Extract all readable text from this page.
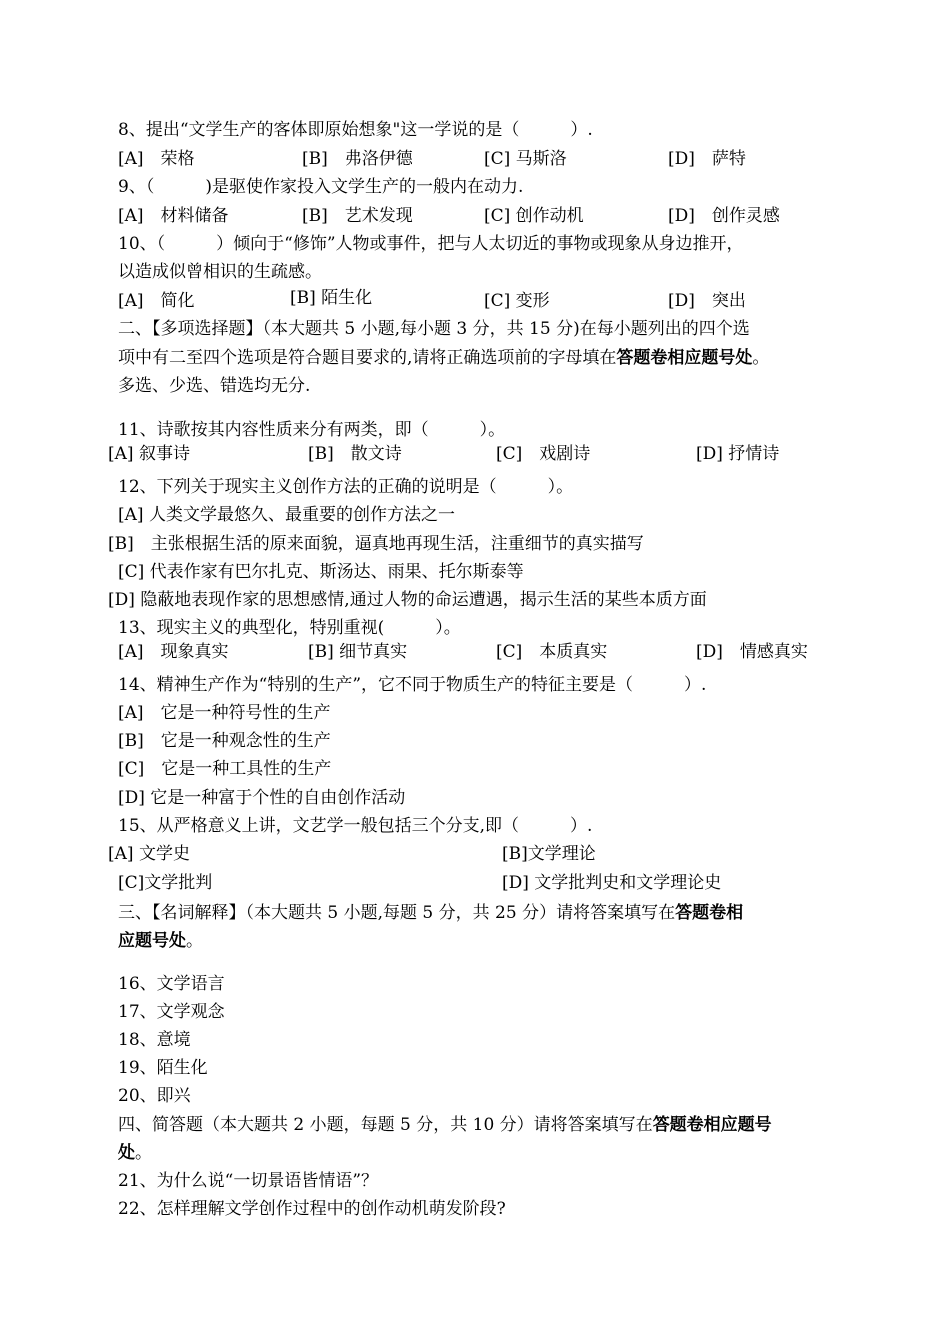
8、提出“文学生产的客体即原始想象"这一学说的是（　　　）.
[A]　荣格	[B]　弗洛伊德	[C] 马斯洛	[D]　萨特
9、（　　　)是驱使作家投入文学生产的一般内在动力.
[A]　材料储备	[B]　艺术发现	[C] 创作动机	[D]　创作灵感
10、（　　　）倾向于“修饰”人物或事件，把与人太切近的事物或现象从身边推开，
以造成似曾相识的生疏感。
[A]　简化	[B] 陌生化	[C] 变形	[D]　突出
二、【多项选择题】（本大题共 5 小题,每小题 3 分，共 15 分)在每小题列出的四个选
项中有二至四个选项是符合题目要求的,请将正确选项前的字母填在答题卷相应题号处。
多选、少选、错选均无分.
11、诗歌按其内容性质来分有两类，即（　　　）。
[A] 叙事诗	[B]　散文诗	[C]　戏剧诗	[D] 抒情诗
12、下列关于现实主义创作方法的正确的说明是（　　　）。
[A] 人类文学最悠久、最重要的创作方法之一
[B]　主张根据生活的原来面貌，逼真地再现生活，注重细节的真实描写
[C] 代表作家有巴尔扎克、斯汤达、雨果、托尔斯泰等
[D] 隐蔽地表现作家的思想感情,通过人物的命运遭遇，揭示生活的某些本质方面
13、现实主义的典型化，特别重视(　　　）。
[A]　现象真实	[B] 细节真实	[C]　本质真实	[D]　情感真实
14、精神生产作为“特别的生产”，它不同于物质生产的特征主要是（　　　）.
[A]　它是一种符号性的生产
[B]　它是一种观念性的生产
[C]　它是一种工具性的生产
[D] 它是一种富于个性的自由创作活动
15、从严格意义上讲，文艺学一般包括三个分支,即（　　　）.
[A] 文学史	[B]文学理论
[C]文学批判	[D] 文学批判史和文学理论史
三、【名词解释】（本大题共 5 小题,每题 5 分，共 25 分）请将答案填写在答题卷相
应题号处。
16、文学语言
17、文学观念
18、意境
19、陌生化
20、即兴
四、简答题（本大题共 2 小题，每题 5 分，共 10 分）请将答案填写在答题卷相应题号
处。
21、为什么说“一切景语皆情语”？
22、怎样理解文学创作过程中的创作动机萌发阶段?
